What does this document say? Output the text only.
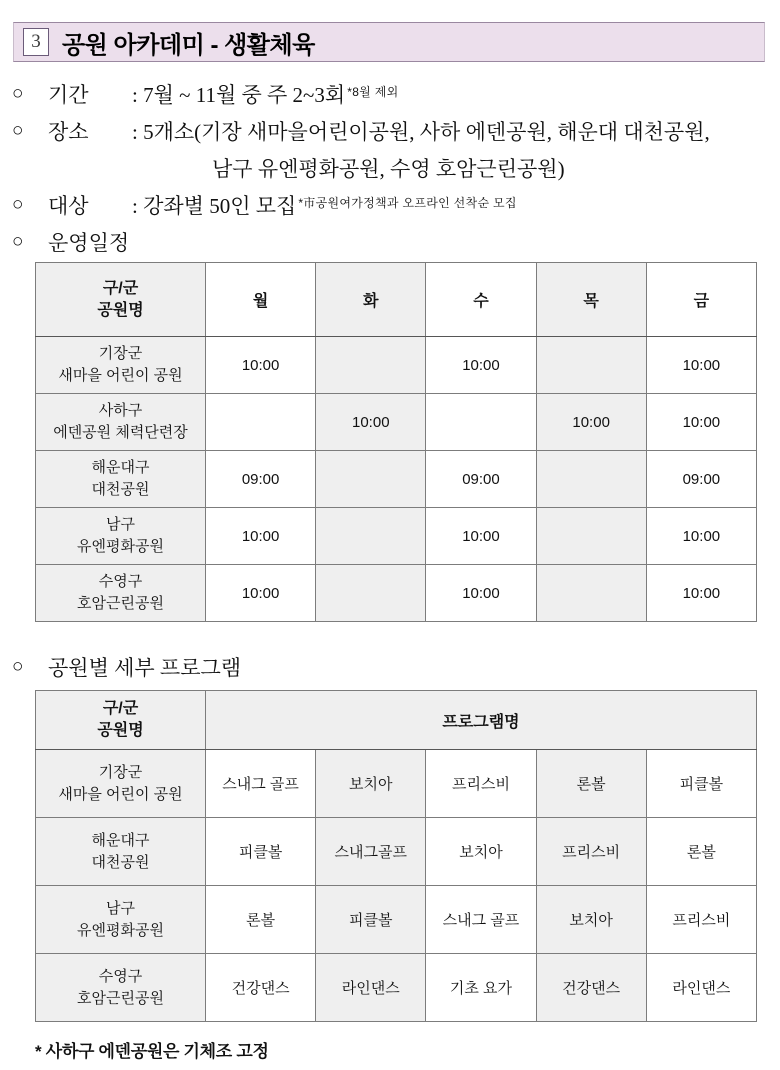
3 공원 아카데미 - 생활체육
○	기간	: 7월 ~ 11월 중 주 2~3회$^{*8월 제외}$
○	장소	: 5개소(기장 새마을어린이공원, 사하 에덴공원, 해운대 대천공원,
남구 유엔평화공원, 수영 호암근린공원)
○	대상	: 강좌별 50인 모집$^{*市공원여가정책과 오프라인 선착순 모집}$
○	운영일정
구/군
공원명	월	화	수	목	금

기장군
새마을 어린이 공원	10:00		10:00		10:00

사하구
에덴공원 체력단련장		10:00		10:00	10:00

해운대구
대천공원	09:00		09:00		09:00

남구
유엔평화공원	10:00		10:00		10:00

수영구
호암근린공원	10:00		10:00		10:00
○	공원별 세부 프로그램
구/군
공원명	프로그램명				

기장군
새마을 어린이 공원	스내그 골프	보치아	프리스비	론볼	피클볼

해운대구
대천공원	피클볼	스내그골프	보치아	프리스비	론볼

남구
유엔평화공원	론볼	피클볼	스내그 골프	보치아	프리스비

수영구
호암근린공원	건강댄스	라인댄스	기초 요가	건강댄스	라인댄스
* 사하구 에덴공원은 기체조 고정
